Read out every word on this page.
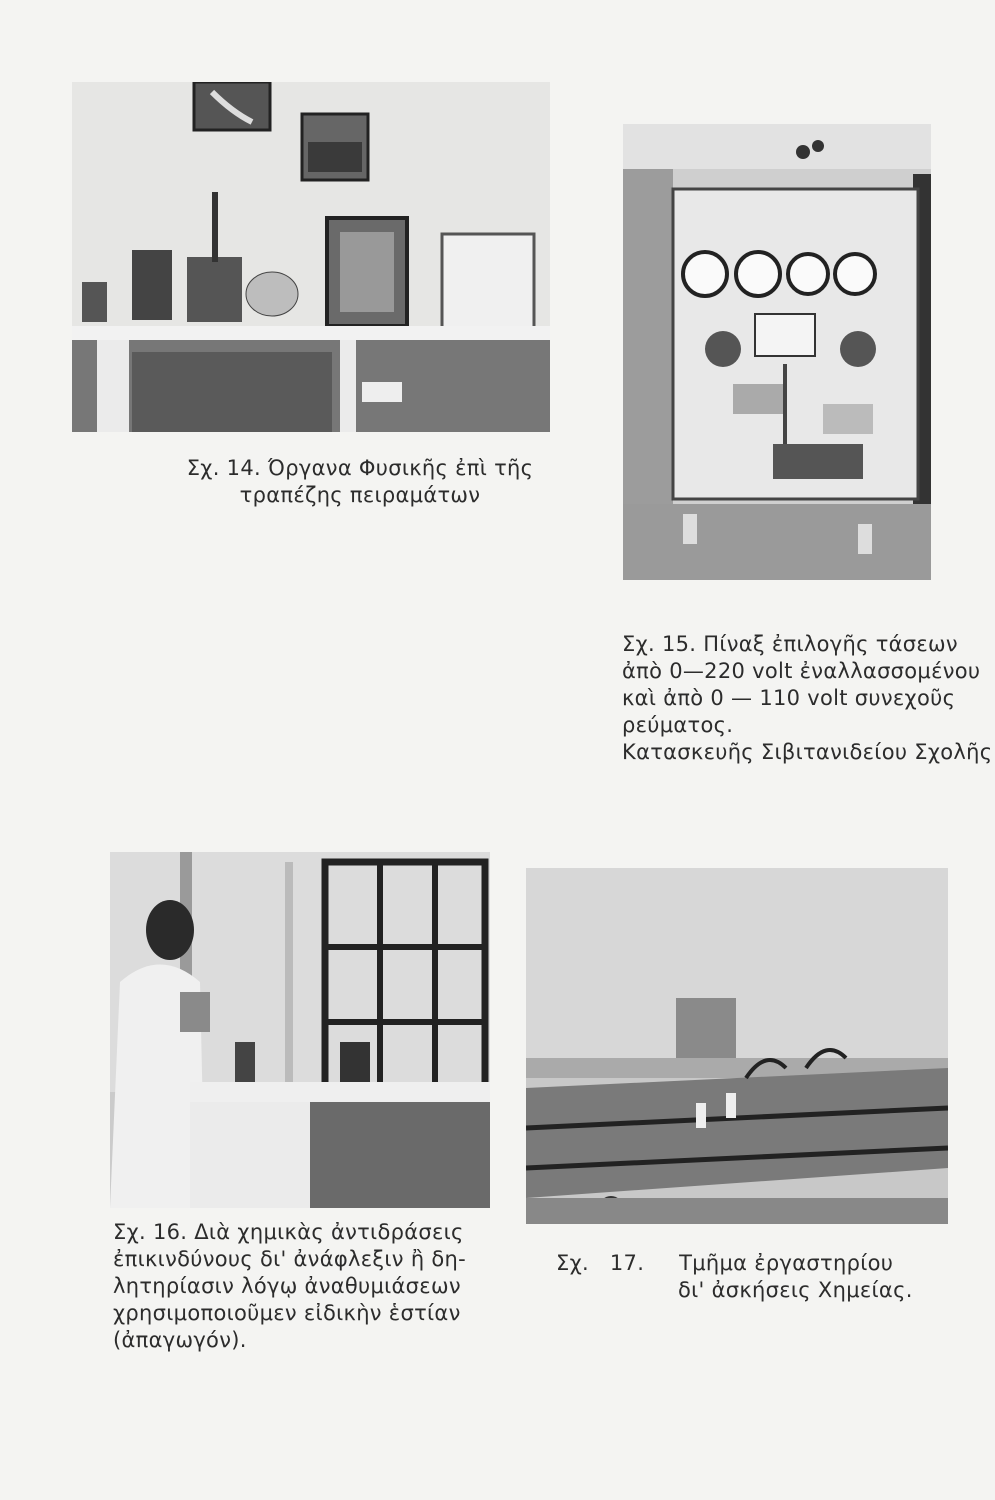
Σχ. 14. Όργανα Φυσικῆς ἐπὶ τῆς
τραπέζης πειραμάτων
Σχ. 15. Πίναξ ἐπιλογῆς τάσεων
ἀπὸ 0—220 volt ἐναλλασσομένου
καὶ ἀπὸ 0 — 110 volt συνεχοῦς
ρεύματος.
Κατασκευῆς Σιβιτανιδείου Σχολῆς
Σχ. 16. Διὰ χημικὰς ἀντιδράσεις
ἐπικινδύνους δι' ἀνάφλεξιν ἢ δη-
λητηρίασιν λόγῳ ἀναθυμιάσεων
χρησιμοποιοῦμεν εἰδικὴν ἑστίαν
(ἀπαγωγόν).
Σχ.   17.     Τμῆμα ἐργαστηρίου
δι' ἀσκήσεις Χημείας.
